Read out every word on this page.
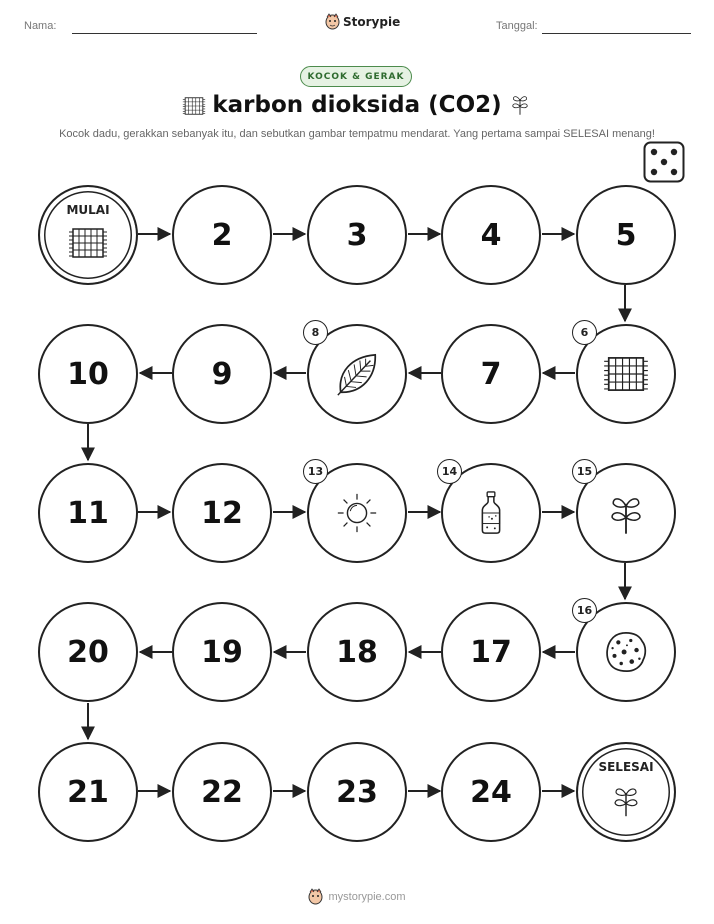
Nama:	Storypie	Tanggal:
KOCOK & GERAK
karbon dioksida (CO2)
Kocok dadu, gerakkan sebanyak itu, dan sebutkan gambar tempatmu mendarat. Yang pertama sampai SELESAI menang!
MULAI
2	3	4	5
10	9
8
7
6
11	12
13	14	15
20	19	18	17
16
21	22	23	24
SELESAI
mystorypie.com
